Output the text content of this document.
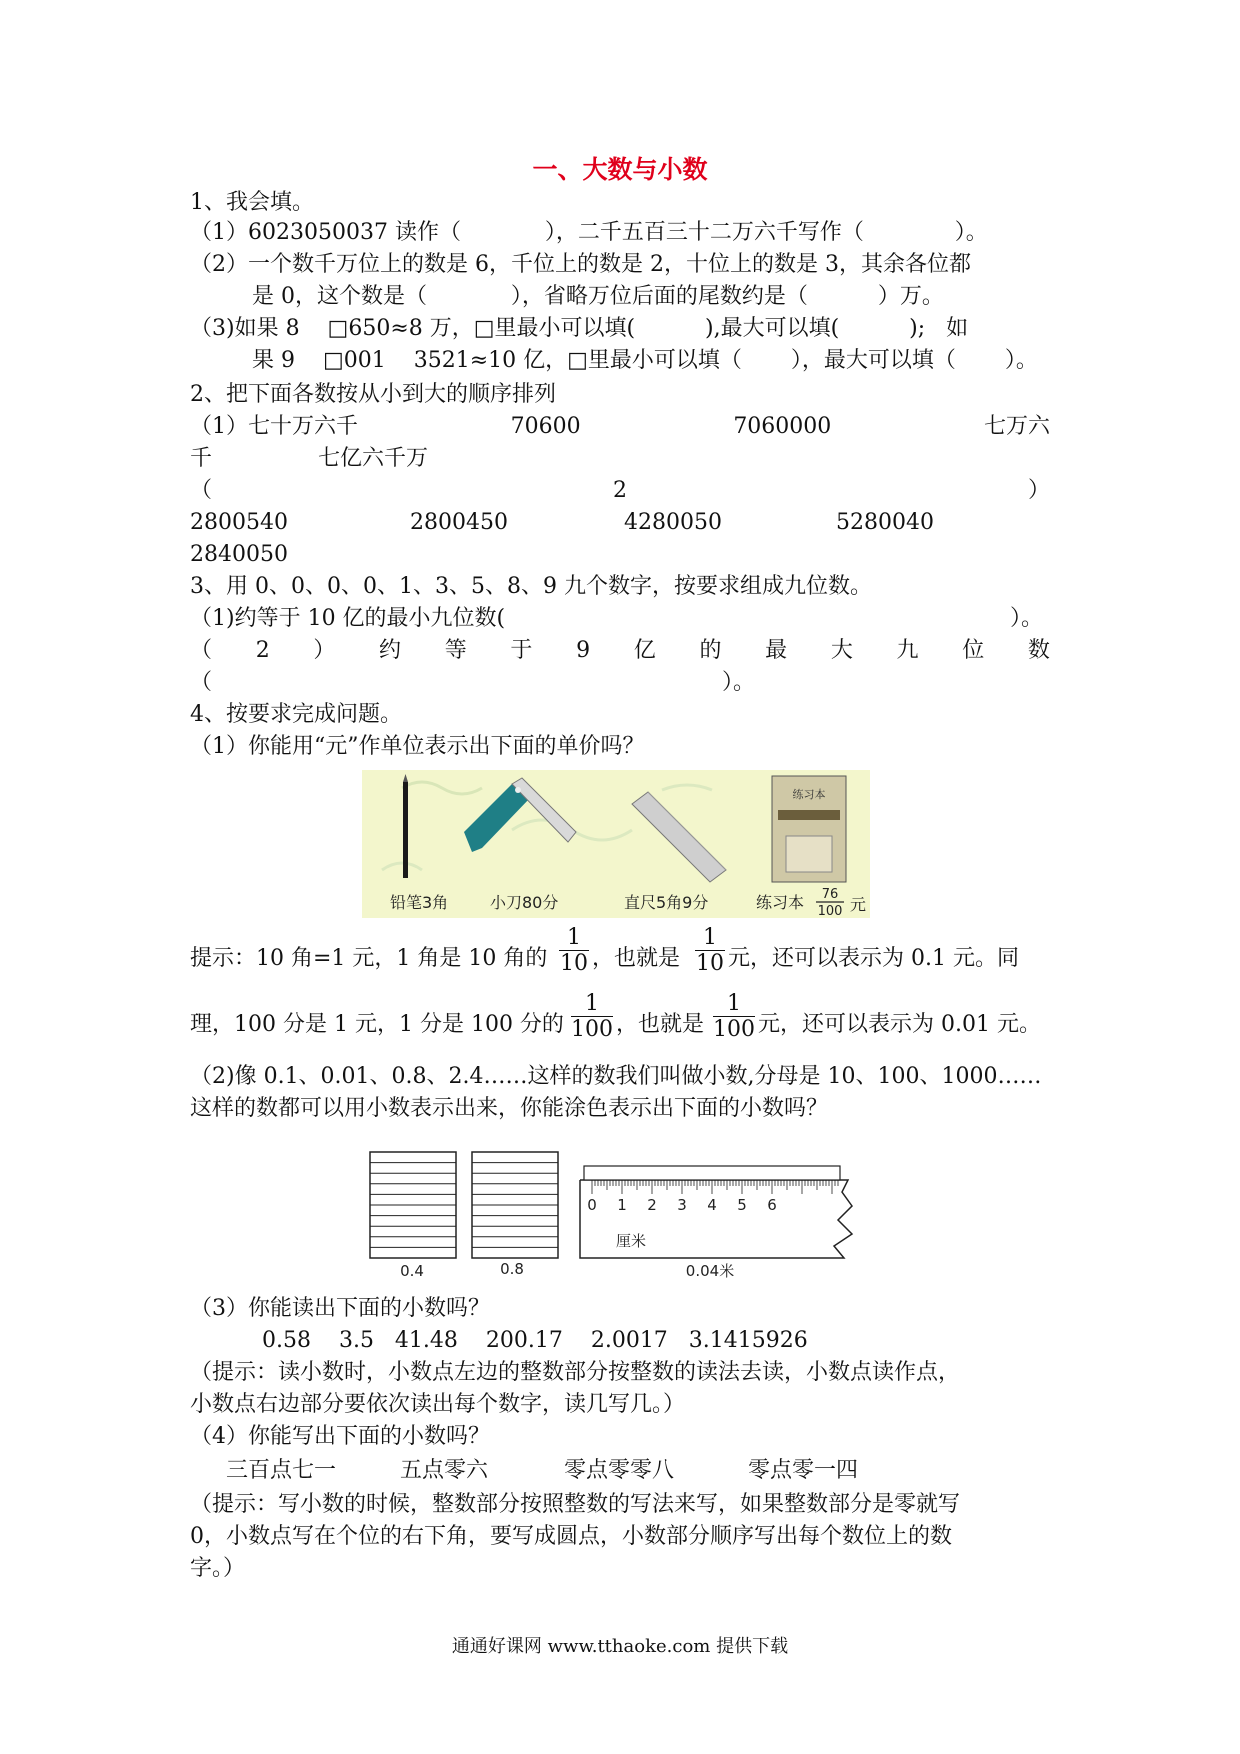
一、大数与小数
1、我会填。
（1）6023050037 读作（            ），二千五百三十二万六千写作（             ）。
（2）一个数千万位上的数是 6，千位上的数是 2，十位上的数是 3，其余各位都
是 0，这个数是（            ），省略万位后面的尾数约是（          ）万。
（3)如果 8    □650≈8 万，□里最小可以填(          ),最大可以填(          );   如
果 9    □001    3521≈10 亿，□里最小可以填（       ），最大可以填（       ）。
2、把下面各数按从小到大的顺序排列
（1）七十万六千	70600	7060000	七万六
千	七亿六千万
（	2	）
2800540	2800450	4280050	5280040
2840050
3、用 0、0、0、0、1、3、5、8、9 九个数字，按要求组成九位数。
（1)约等于 10 亿的最小九位数(	）。
（ 2 ） 约 等 于 9 亿 的 最 大 九 位 数
（	）。
4、按要求完成问题。
（1）你能用“元”作单位表示出下面的单价吗？
练习本
铅笔3角	小刀80分	直尺5角9分	练习本 76
100 元
提示：10 角=1 元，1 角是 10 角的
1
10 ，也就是
1
10 元，还可以表示为 0.1 元。同
理，100 分是 1 元，1 分是 100 分的
1
100 ，也就是
1
100 元，还可以表示为 0.01 元。
（2)像 0.1、0.01、0.8、2.4……这样的数我们叫做小数,分母是 10、100、1000……
这样的数都可以用小数表示出来，你能涂色表示出下面的小数吗？
0.4	0.8
0 1 2 3 4 5 6
厘米
0.04米
（3）你能读出下面的小数吗？
0.58    3.5   41.48    200.17    2.0017   3.1415926
（提示：读小数时，小数点左边的整数部分按整数的读法去读，小数点读作点，
小数点右边部分要依次读出每个数字，读几写几。）
（4）你能写出下面的小数吗？
三百点七一	五点零六	零点零零八	零点零一四
（提示：写小数的时候，整数部分按照整数的写法来写，如果整数部分是零就写
0，小数点写在个位的右下角，要写成圆点，小数部分顺序写出每个数位上的数
字。）
通通好课网 www.tthaoke.com 提供下载
